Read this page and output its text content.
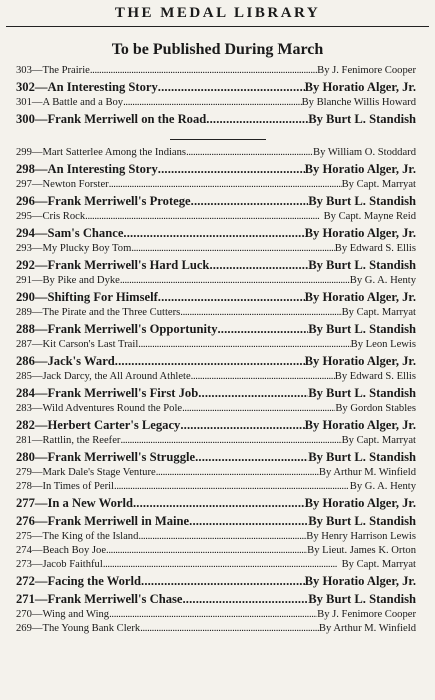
THE MEDAL LIBRARY
To be Published During March
303 — The Prairie . . .	By J. Fenimore Cooper
302 — An Interesting Story . . .	By Horatio Alger, Jr.
301 — A Battle and a Boy . . .	By Blanche Willis Howard
300 — Frank Merriwell on the Road . . .	By Burt L. Standish
299 — Mart Satterlee Among the Indians . . .	By William O. Stoddard
298 — An Interesting Story . . .	By Horatio Alger, Jr.
297 — Newton Forster . . .	By Capt. Marryat
296 — Frank Merriwell's Protege . . .	By Burt L. Standish
295 — Cris Rock . . .	By Capt. Mayne Reid
294 — Sam's Chance . . .	By Horatio Alger, Jr.
293 — My Plucky Boy Tom . . .	By Edward S. Ellis
292 — Frank Merriwell's Hard Luck . . .	By Burt L. Standish
291 — By Pike and Dyke . . .	By G. A. Henty
290 — Shifting For Himself . . .	By Horatio Alger, Jr.
289 — The Pirate and the Three Cutters . . .	By Capt. Marryat
288 — Frank Merriwell's Opportunity . . .	By Burt L. Standish
287 — Kit Carson's Last Trail . . .	By Leon Lewis
286 — Jack's Ward . . .	By Horatio Alger, Jr.
285 — Jack Darcy, the All Around Athlete . . .	By Edward S. Ellis
284 — Frank Merriwell's First Job . . .	By Burt L. Standish
283 — Wild Adventures Round the Pole . . .	By Gordon Stables
282 — Herbert Carter's Legacy . . .	By Horatio Alger, Jr.
281 — Rattlin, the Reefer . . .	By Capt. Marryat
280 — Frank Merriwell's Struggle . . .	By Burt L. Standish
279 — Mark Dale's Stage Venture . . .	By Arthur M. Winfield
278 — In Times of Peril . . .	By G. A. Henty
277 — In a New World . . .	By Horatio Alger, Jr.
276 — Frank Merriwell in Maine . . .	By Burt L. Standish
275 — The King of the Island . . .	By Henry Harrison Lewis
274 — Beach Boy Joe . . .	By Lieut. James K. Orton
273 — Jacob Faithful . . .	By Capt. Marryat
272 — Facing the World . . .	By Horatio Alger, Jr.
271 — Frank Merriwell's Chase . . .	By Burt L. Standish
270 — Wing and Wing . . .	By J. Fenimore Cooper
269 — The Young Bank Clerk . . .	By Arthur M. Winfield
